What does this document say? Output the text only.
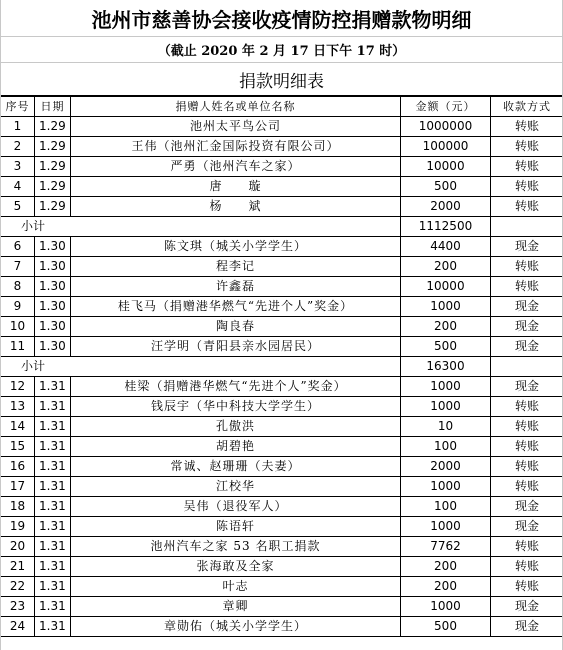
池州市慈善协会接收疫情防控捐赠款物明细
（截止 2020 年 2 月 17 日下午 17 时）
捐款明细表
序号	日期	捐赠人姓名或单位名称	金额（元）	收款方式
1	1.29	池州太平鸟公司	1000000	转账
2	1.29	王伟（池州汇金国际投资有限公司）	100000	转账
3	1.29	严勇（池州汽车之家）	10000	转账
4	1.29	唐　　璇	500	转账
5	1.29	杨　　斌	2000	转账
小计			1112500	
6	1.30	陈文琪（城关小学学生）	4400	现金
7	1.30	程李记	200	转账
8	1.30	许鑫磊	10000	转账
9	1.30	桂飞马（捐赠港华燃气“先进个人”奖金）	1000	现金
10	1.30	陶良春	200	现金
11	1.30	汪学明（青阳县亲水园居民）	500	现金
小计			16300	
12	1.31	桂梁（捐赠港华燃气“先进个人”奖金）	1000	现金
13	1.31	钱辰宇（华中科技大学学生）	1000	转账
14	1.31	孔傲洪	10	转账
15	1.31	胡碧艳	100	转账
16	1.31	常诚、赵珊珊（夫妻）	2000	转账
17	1.31	江校华	1000	转账
18	1.31	吴伟（退役军人）	100	现金
19	1.31	陈语轩	1000	现金
20	1.31	池州汽车之家 53 名职工捐款	7762	转账
21	1.31	张海敢及全家	200	转账
22	1.31	叶志	200	转账
23	1.31	章卿	1000	现金
24	1.31	章勋佑（城关小学学生）	500	现金
